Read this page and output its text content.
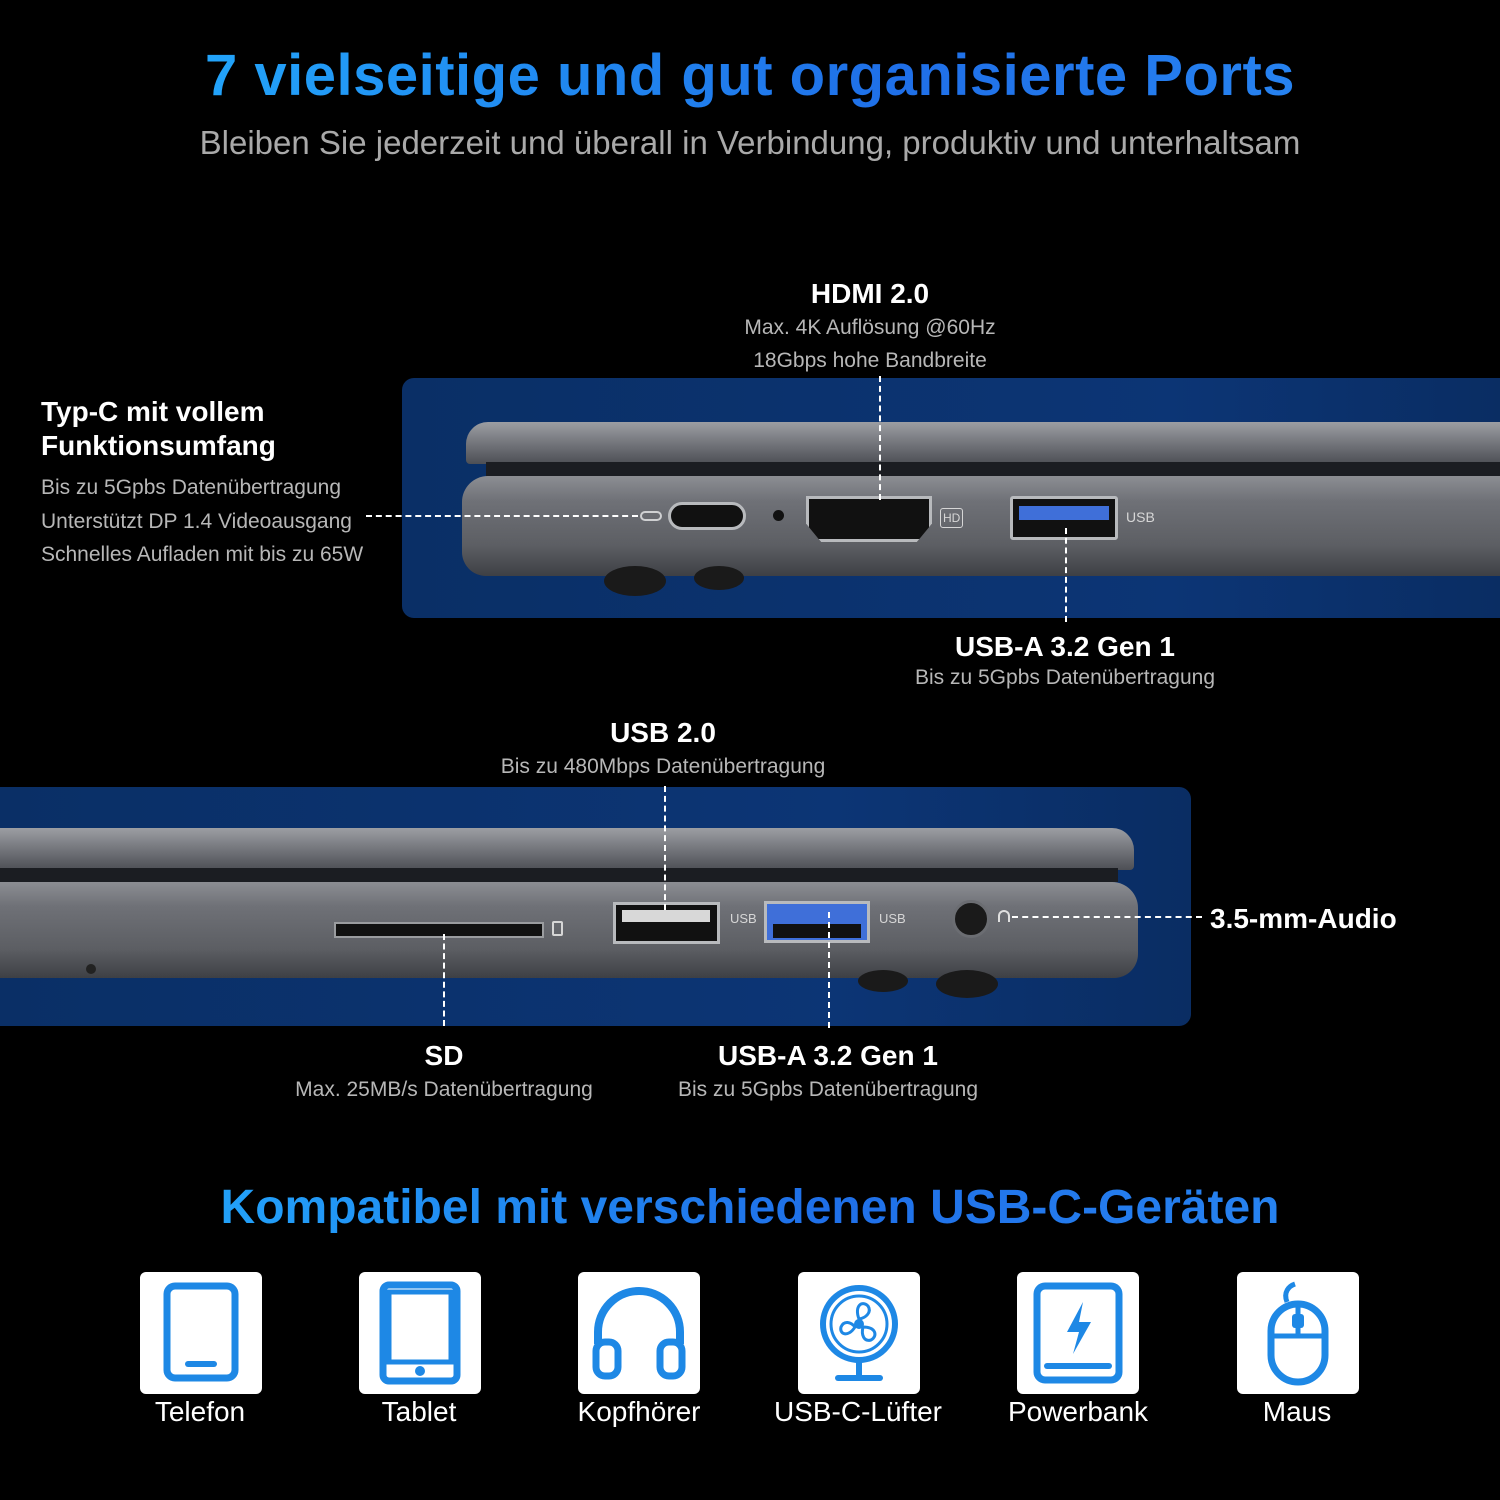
7 vielseitige und gut organisierte Ports
Bleiben Sie jederzeit und überall in Verbindung, produktiv und unterhaltsam
HD	USB
HDMI 2.0
Max. 4K Auflösung @60Hz
18Gbps hohe Bandbreite
Typ-C mit vollem
Funktionsumfang
Bis zu 5Gpbs Datenübertragung
Unterstützt DP 1.4 Videoausgang
Schnelles Aufladen mit bis zu 65W
USB-A 3.2 Gen 1
Bis zu 5Gpbs Datenübertragung
USB	USB
USB 2.0
Bis zu 480Mbps Datenübertragung
3.5-mm-Audio
SD
Max. 25MB/s Datenübertragung
USB-A 3.2 Gen 1
Bis zu 5Gpbs Datenübertragung
Kompatibel mit verschiedenen USB-C-Geräten
Telefon	Tablet	Kopfhörer	USB-C-Lüfter	Powerbank	Maus
